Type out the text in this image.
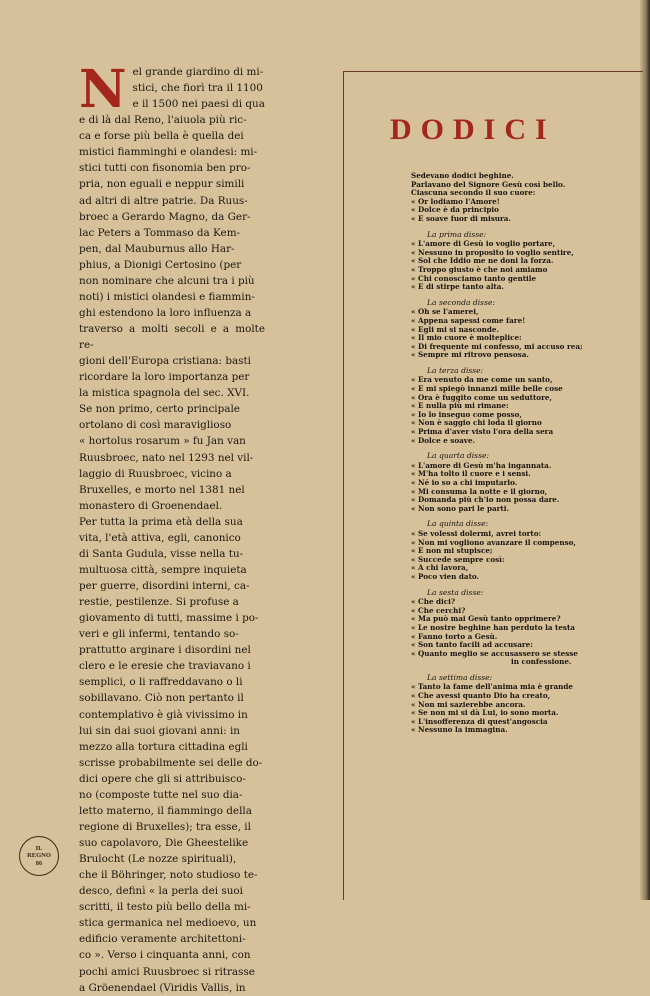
N el grande giardino di mi-
stici, che fiorì tra il 1100
e il 1500 nei paesi di qua
e di là dal Reno, l'aiuola più ric-
ca e forse più bella è quella dei
mistici fiamminghi e olandesi: mi-
stici tutti con fisonomia ben pro-
pria, non eguali e neppur simili
ad altri di altre patrie. Da Ruus-
broec a Gerardo Magno, da Ger-
lac Peters a Tommaso da Kem-
pen, dal Mauburnus allo Har-
phius, a Dionigi Certosino (per
non nominare che alcuni tra i più
noti) i mistici olandesi e fiammin-
ghi estendono la loro influenza a
traverso a molti secoli e a molte re-
gioni dell'Europa cristiana: basti
ricordare la loro importanza per
la mistica spagnola del sec. XVI.
Se non primo, certo principale
ortolano di così maraviglioso
« hortolus rosarum » fu Jan van
Ruusbroec, nato nel 1293 nel vil-
laggio di Ruusbroec, vicino a
Bruxelles, e morto nel 1381 nel
monastero di Groenendael.
Per tutta la prima età della sua
vita, l'età attiva, egli, canonico
di Santa Gudula, visse nella tu-
multuosa città, sempre inquieta
per guerre, disordini interni, ca-
restie, pestilenze. Si profuse a
giovamento di tutti, massime i po-
veri e gli infermi, tentando so-
prattutto arginare i disordini nel
clero e le eresie che traviavano i
semplici, o li raffreddavano o li
sobillavano. Ciò non pertanto il
contemplativo è già vivissimo in
lui sin dai suoi giovani anni: in
mezzo alla tortura cittadina egli
scrisse probabilmente sei delle do-
dici opere che gli si attribuisco-
no (composte tutte nel suo dia-
letto materno, il fiammingo della
regione di Bruxelles); tra esse, il
suo capolavoro, Die Gheestelike
Brulocht (Le nozze spirituali),
che il Böhringer, noto studioso te-
desco, definì « la perla dei suoi
scritti, il testo più bello della mi-
stica germanica nel medioevo, un
edificio veramente architettoni-
co ». Verso i cinquanta anni, con
pochi amici Ruusbroec si ritrasse
a Gröenendael (Viridis Vallis, in

DODICI
Sedevano dodici beghine.
Parlavano del Signore Gesù così bello.
Ciascuna secondo il suo cuore:
« Or lodiamo l'Amore!
« Dolce è da principio
« E soave fuor di misura.
La prima disse:
« L'amore di Gesù io voglio portare,
« Nessuno in proposito io voglio sentire,
« Sol che Iddio me ne doni la forza.
« Troppo giusto è che noi amiamo
« Chi conosciamo tanto gentile
« E di stirpe tanto alta.
La seconda disse:
« Oh se l'amerei,
« Appena sapessi come fare!
« Egli mi si nasconde.
« Il mio cuore è molteplice:
« Di frequente mi confesso, mi accuso rea;
« Sempre mi ritrovo pensosa.
La terza disse:
« Era venuto da me come un santo,
« E mi spiegò innanzi mille belle cose
« Ora è fuggito come un seduttore,
« E nulla più mi rimane:
« Io lo inseguo come posso,
« Non è saggio chi loda il giorno
« Prima d'aver visto l'ora della sera
« Dolce e soave.
La quarta disse:
« L'amore di Gesù m'ha ingannata.
« M'ha tolto il cuore e i sensi.
« Né io so a chi imputarlo.
« Mi consuma la notte e il giorno,
« Domanda più ch'io non possa dare.
« Non sono pari le parti.
La quinta disse:
« Se volessi dolermi, avrei torto:
« Non mi vogliono avanzare il compenso,
« E non mi stupisce;
« Succede sempre così:
« A chi lavora,
« Poco vien dato.
La sesta disse:
« Che dici?
« Che cerchi?
« Ma può mai Gesù tanto opprimere?
« Le nostre beghine han perduto la testa
« Fanno torto a Gesù.
« Son tanto facili ad accusare:
« Quanto meglio se accusassero se stesse
in confessione.
La settima disse:
« Tanto la fame dell'anima mia è grande
« Che avessi quanto Dio ha creato,
« Non mi sazierebbe ancora.
« Se non mi si dà Lui, io sono morta.
« L'insofferenza di quest'angoscia
« Nessuno la immagina.
IL
REGNO
86
